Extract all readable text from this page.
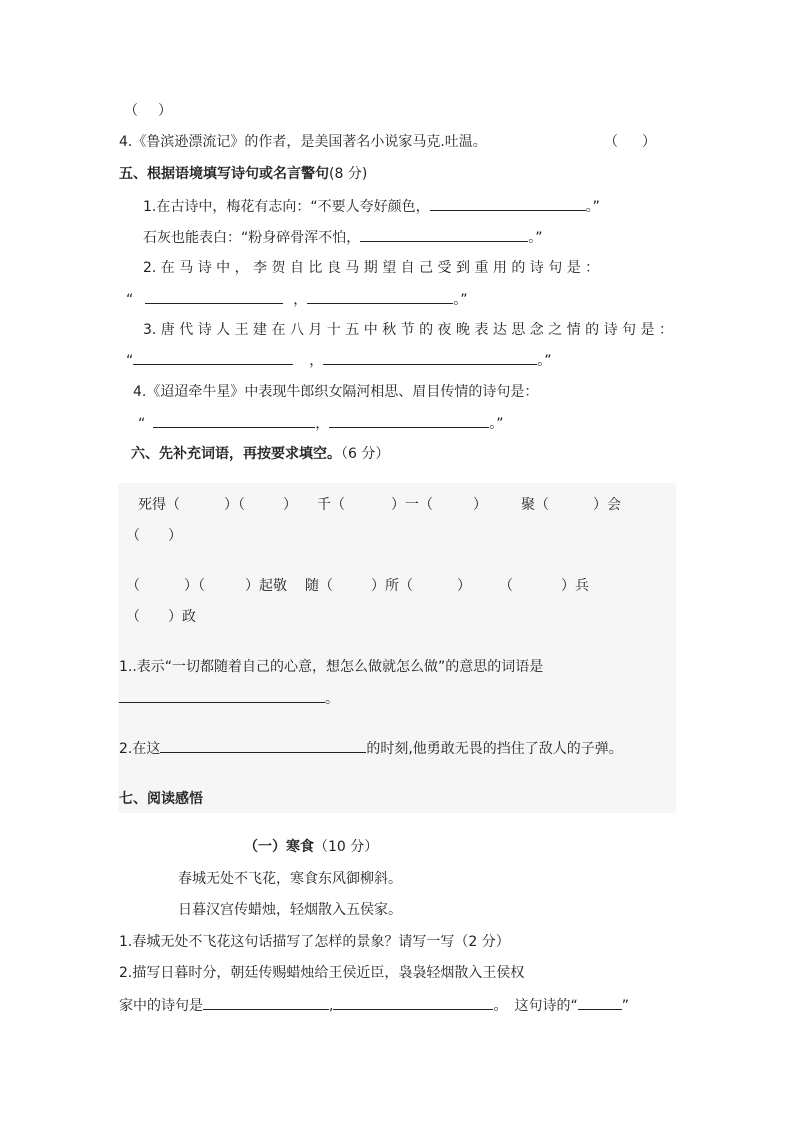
（ ）
4.《鲁滨逊漂流记》的作者，是美国著名小说家马克.吐温。	（ ）
五、根据语境填写诗句或名言警句(8 分)
1.在古诗中，梅花有志向：“不要人夸好颜色，	。”
石灰也能表白：“粉身碎骨浑不怕，	。”
2. 在 马 诗 中 ， 李 贺 自 比 良 马 期 望 自 己 受 到 重 用 的 诗 句 是 ：
“	，	。”
3. 唐 代 诗 人 王 建 在 八 月 十 五 中 秋 节 的 夜 晚 表 达 思 念 之 情 的 诗 句 是 ：
“	，	。”
4.《迢迢牵牛星》中表现牛郎织女隔河相思、眉目传情的诗句是：
“	，	。”
六、先补充词语，再按要求填空。（6 分）
死得（	）（	） 千（	）一（	） 聚（	）会
（　　）
（	）（	）起敬 随（	）所（	） （	）兵
（　　）政
1..表示“一切都随着自己的心意，想怎么做就怎么做”的意思的词语是
。
2.在这	的时刻,他勇敢无畏的挡住了敌人的子弹。
七、阅读感悟
（一）寒食（10 分）
春城无处不飞花，寒食东风御柳斜。
日暮汉宫传蜡烛，轻烟散入五侯家。
1.春城无处不飞花这句话描写了怎样的景象？请写一写（2 分）
2.描写日暮时分，朝廷传赐蜡烛给王侯近臣，袅袅轻烟散入王侯权
家中的诗句是	,	。　这句诗的“	”
